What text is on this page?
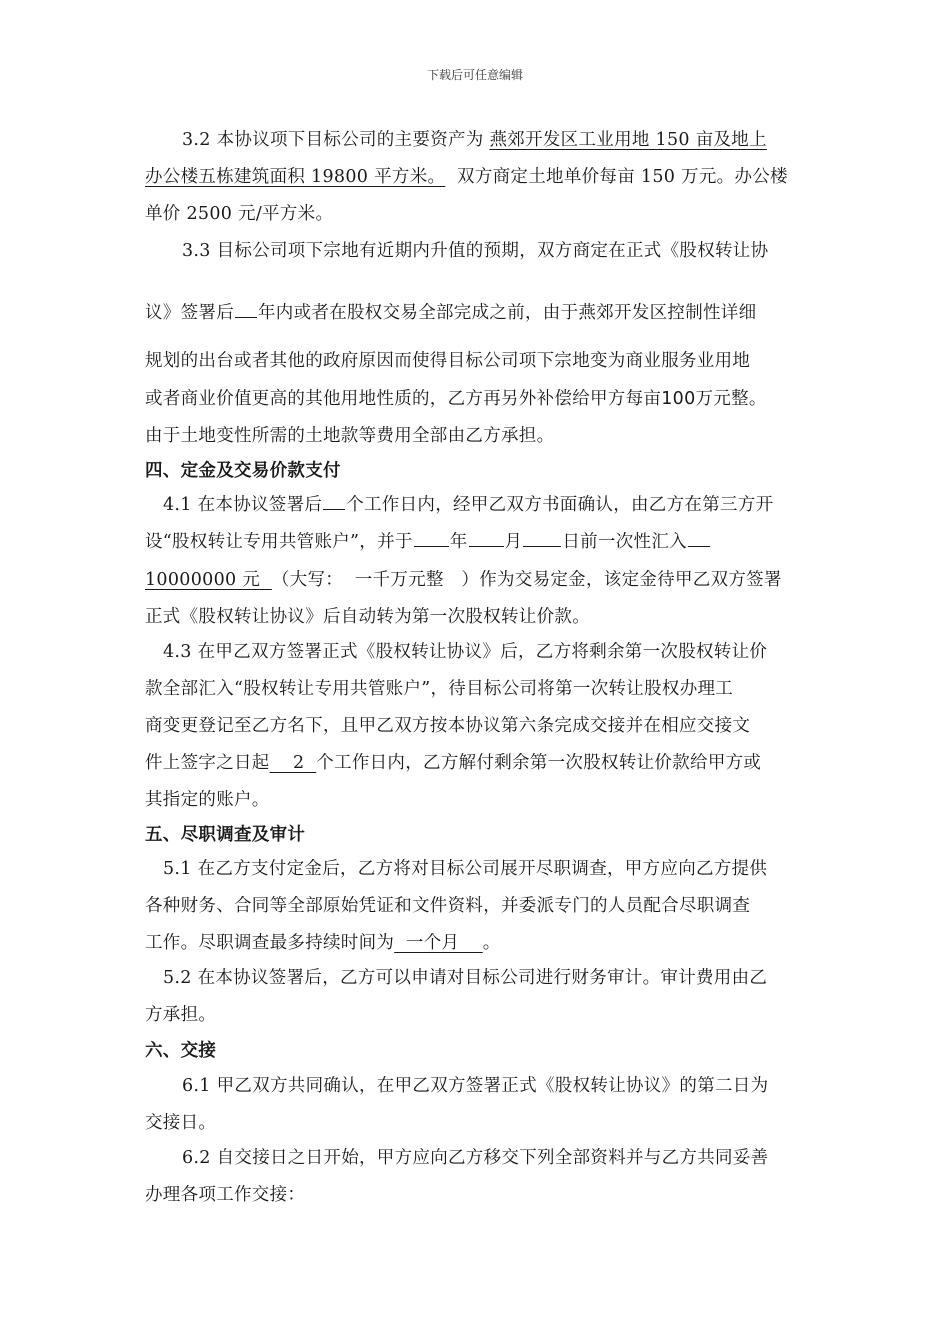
下载后可任意编辑
3.2 本协议项下目标公司的主要资产为 燕郊开发区工业用地 150 亩及地上
办公楼五栋建筑面积 19800 平方米。  双方商定土地单价每亩 150 万元。办公楼
单价 2500 元/平方米。
3.3 目标公司项下宗地有近期内升值的预期，双方商定在正式《股权转让协
议》签署后 年内或者在股权交易全部完成之前，由于燕郊开发区控制性详细
规划的出台或者其他的政府原因而使得目标公司项下宗地变为商业服务业用地
或者商业价值更高的其他用地性质的，乙方再另外补偿给甲方每亩100万元整。
由于土地变性所需的土地款等费用全部由乙方承担。
四、定金及交易价款支付
4.1 在本协议签署后 个工作日内，经甲乙双方书面确认，由乙方在第三方开
设“股权转让专用共管账户”，并于 年 月 日前一次性汇入
10000000 元  （大写：  一千万元整   ）作为交易定金，该定金待甲乙双方签署
正式《股权转让协议》后自动转为第一次股权转让价款。
4.3 在甲乙双方签署正式《股权转让协议》后，乙方将剩余第一次股权转让价
款全部汇入“股权转让专用共管账户”，待目标公司将第一次转让股权办理工
商变更登记至乙方名下，且甲乙双方按本协议第六条完成交接并在相应交接文
件上签字之日起    2  个工作日内，乙方解付剩余第一次股权转让价款给甲方或
其指定的账户。
五、尽职调查及审计
5.1 在乙方支付定金后，乙方将对目标公司展开尽职调查，甲方应向乙方提供
各种财务、合同等全部原始凭证和文件资料，并委派专门的人员配合尽职调查
工作。尽职调查最多持续时间为  一个月    。
5.2 在本协议签署后，乙方可以申请对目标公司进行财务审计。审计费用由乙
方承担。
六、交接
6.1 甲乙双方共同确认，在甲乙双方签署正式《股权转让协议》的第二日为
交接日。
6.2 自交接日之日开始，甲方应向乙方移交下列全部资料并与乙方共同妥善
办理各项工作交接：
